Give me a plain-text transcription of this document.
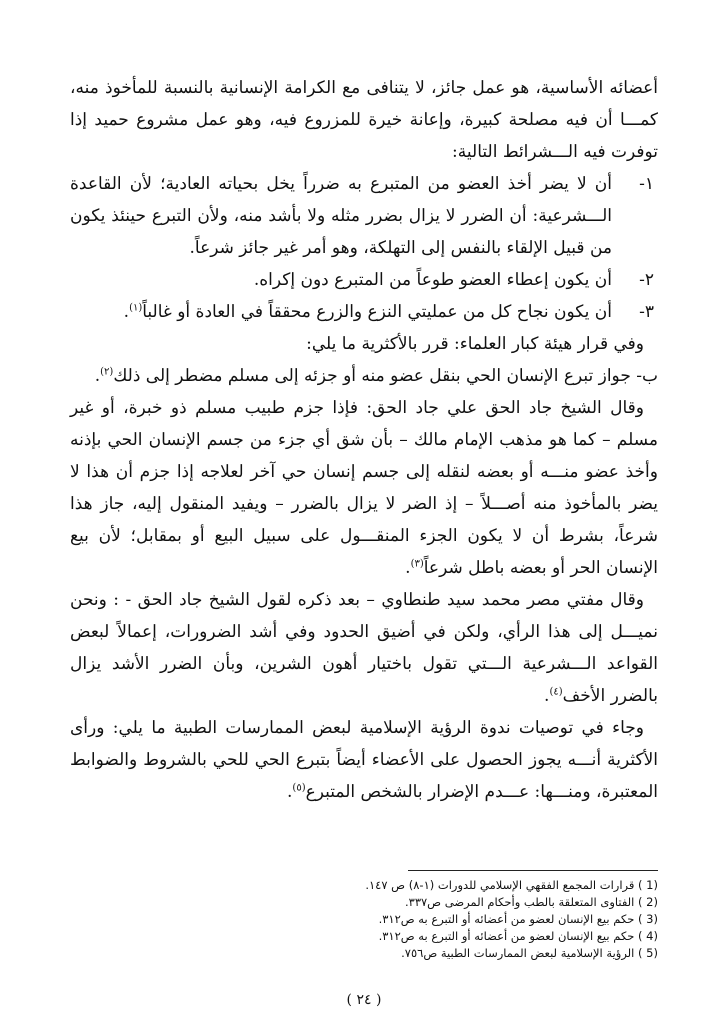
أعضائه الأساسية، هو عمل جائز، لا يتنافى مع الكرامة الإنسانية بالنسبة للمأخوذ منه، كمـــا أن فيه مصلحة كبيرة، وإعانة خيرة للمزروع فيه، وهو عمل مشروع حميد إذا توفرت فيه الـــشرائط التالية:

١-
أن لا يضر أخذ العضو من المتبرع به ضرراً يخل بحياته العادية؛ لأن القاعدة الـــشرعية: أن الضرر لا يزال بضرر مثله ولا بأشد منه، ولأن التبرع حينئذ يكون من قبيل الإلقاء بالنفس إلى التهلكة، وهو أمر غير جائز شرعاً.
٢-
أن يكون إعطاء العضو طوعاً من المتبرع دون إكراه.
٣-
أن يكون نجاح كل من عمليتي النزع والزرع محققاً في العادة أو غالباً$^{(١)}$.

وفي قرار هيئة كبار العلماء: قرر بالأكثرية ما يلي:

ب- جواز تبرع الإنسان الحي بنقل عضو منه أو جزئه إلى مسلم مضطر إلى ذلك$^{(٢)}$.

وقال الشيخ جاد الحق علي جاد الحق: فإذا جزم طبيب مسلم ذو خبرة، أو غير مسلم – كما هو مذهب الإمام مالك – بأن شق أي جزء من جسم الإنسان الحي بإذنه وأخذ عضو منـــه أو بعضه لنقله إلى جسم إنسان حي آخر لعلاجه إذا جزم أن هذا لا يضر بالمأخوذ منه أصـــلاً – إذ الضر لا يزال بالضرر – ويفيد المنقول إليه، جاز هذا شرعاً، بشرط أن لا يكون الجزء المنقـــول على سبيل البيع أو بمقابل؛ لأن بيع الإنسان الحر أو بعضه باطل شرعاً$^{(٣)}$.

وقال مفتي مصر محمد سيد طنطاوي – بعد ذكره لقول الشيخ جاد الحق - : ونحن نميـــل إلى هذا الرأي، ولكن في أضيق الحدود وفي أشد الضرورات، إعمالاً لبعض القواعد الـــشرعية الـــتي تقول باختيار أهون الشرين، وبأن الضرر الأشد يزال بالضرر الأخف$^{(٤)}$.

وجاء في توصيات ندوة الرؤية الإسلامية لبعض الممارسات الطبية ما يلي: ورأى الأكثرية أنـــه يجوز الحصول على الأعضاء أيضاً بتبرع الحي للحي بالشروط والضوابط المعتبرة، ومنـــها: عـــدم الإضرار بالشخص المتبرع$^{(٥)}$.

(1 ) قرارات المجمع الفقهي الإسلامي للدورات (١-٨) ص ١٤٧.

(2 ) الفتاوى المتعلقة بالطب وأحكام المرضى ص٣٣٧.

(3 ) حكم بيع الإنسان لعضو من أعضائه أو التبرع به ص٣١٢.

(4 ) حكم بيع الإنسان لعضو من أعضائه أو التبرع به ص٣١٢.

(5 ) الرؤية الإسلامية لبعض الممارسات الطبية ص٧٥٦.

( ٢٤ )
